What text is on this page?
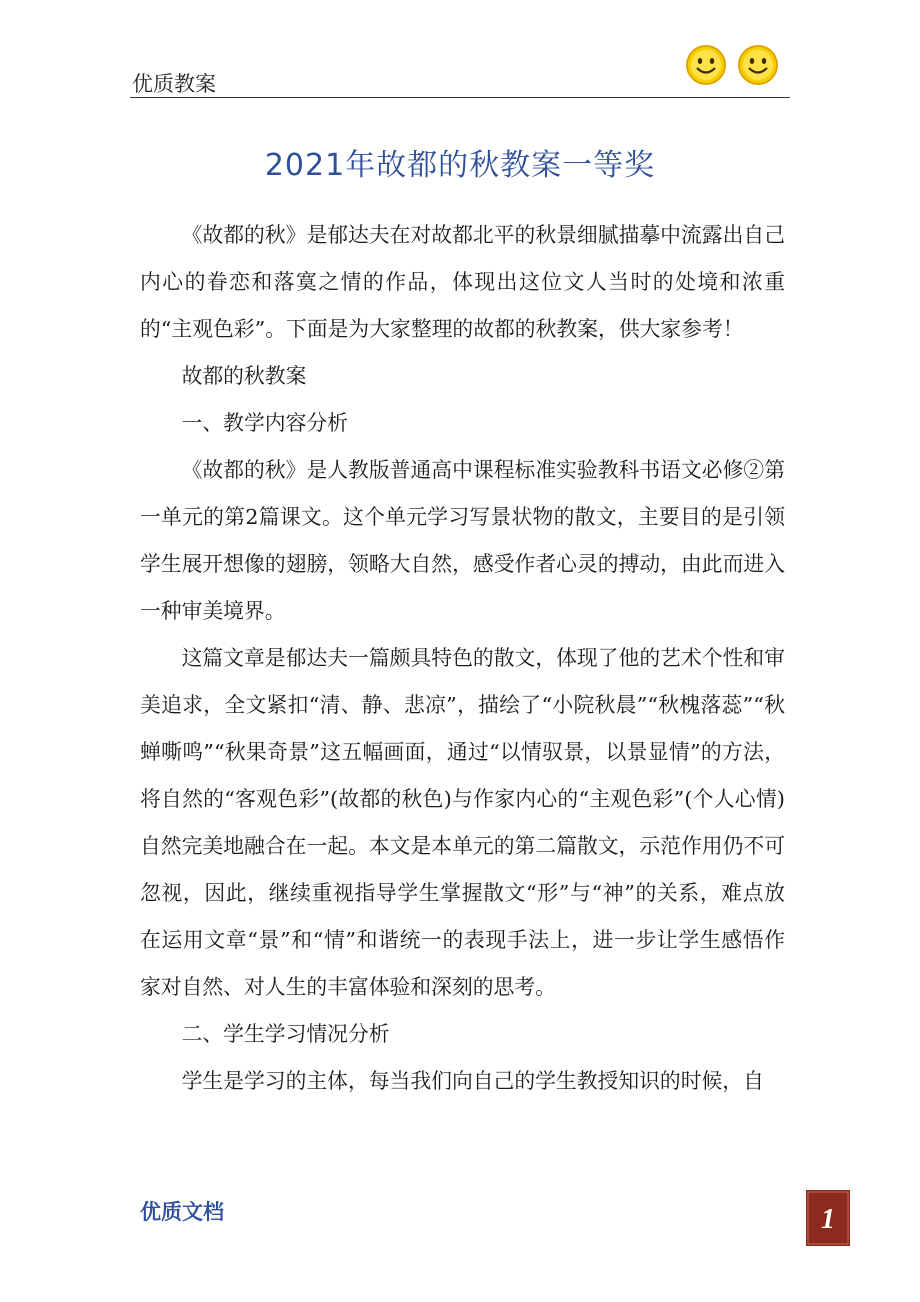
优质教案
2021年故都的秋教案一等奖

《故都的秋》是郁达夫在对故都北平的秋景细腻描摹中流露出自己内心的眷恋和落寞之情的作品，体现出这位文人当时的处境和浓重的“主观色彩”。下面是为大家整理的故都的秋教案，供大家参考！

故都的秋教案

一、教学内容分析

《故都的秋》是人教版普通高中课程标准实验教科书语文必修②第一单元的第2篇课文。这个单元学习写景状物的散文，主要目的是引领学生展开想像的翅膀，领略大自然，感受作者心灵的搏动，由此而进入一种审美境界。

这篇文章是郁达夫一篇颇具特色的散文，体现了他的艺术个性和审美追求，全文紧扣“清、静、悲凉”，描绘了“小院秋晨”“秋槐落蕊”“秋蝉嘶鸣”“秋果奇景”这五幅画面，通过“以情驭景，以景显情”的方法，将自然的“客观色彩”(故都的秋色)与作家内心的“主观色彩”(个人心情)自然完美地融合在一起。本文是本单元的第二篇散文，示范作用仍不可忽视，因此，继续重视指导学生掌握散文“形”与“神”的关系，难点放在运用文章“景”和“情”和谐统一的表现手法上，进一步让学生感悟作家对自然、对人生的丰富体验和深刻的思考。

二、学生学习情况分析

学生是学习的主体，每当我们向自己的学生教授知识的时候，自

优质文档	1
